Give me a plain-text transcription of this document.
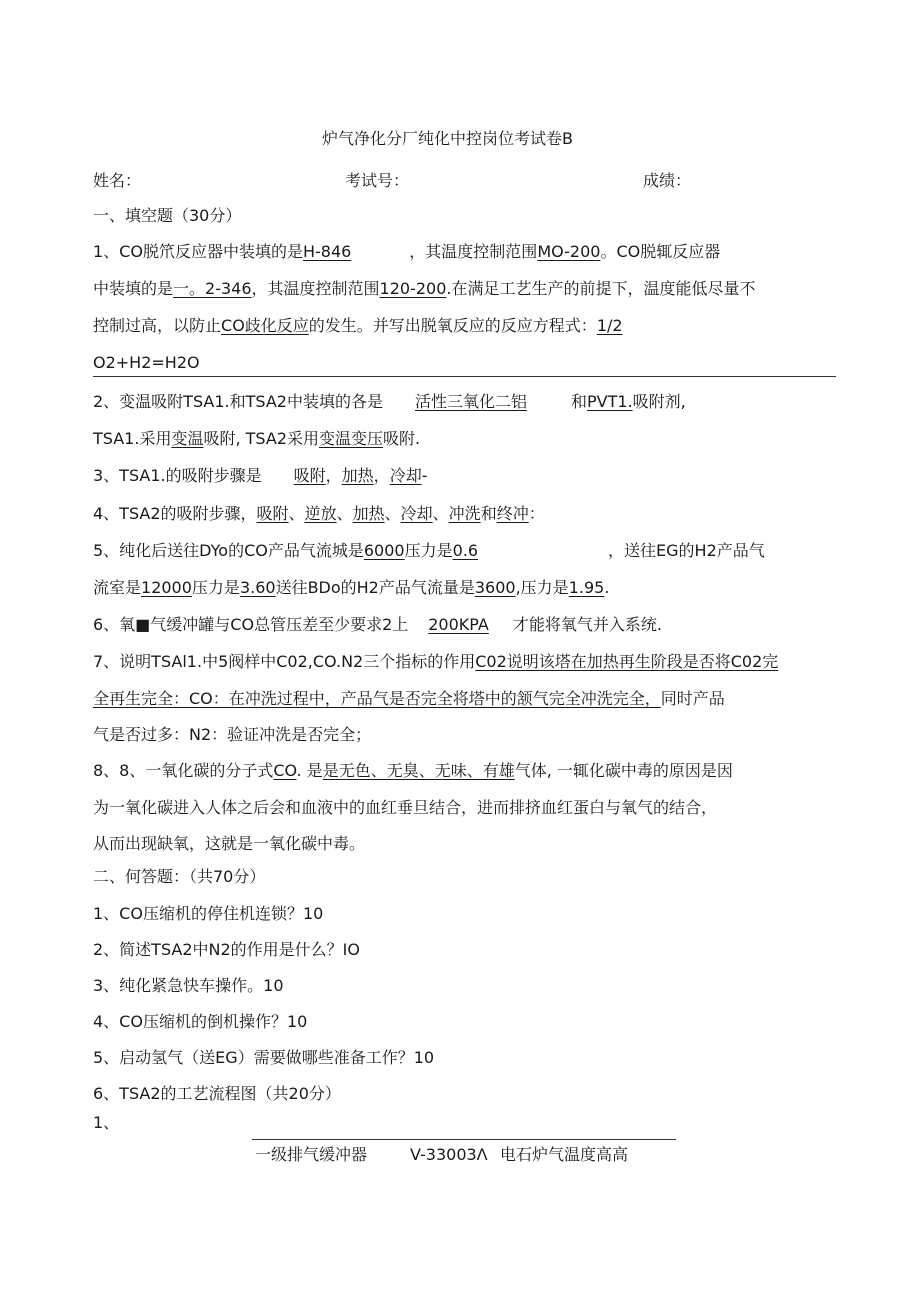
炉气净化分厂纯化中控岗位考试卷B
姓名：	考试号：	成绩：
一、填空题（30分）
1、CO脱笊反应器中装填的是H-846	，其温度控制范围MO-200。CO脱辄反应器
中装填的是一。2-346，其温度控制范围120-200.在满足工艺生产的前提下，温度能低尽量不
控制过高，以防止CO歧化反应的发生。并写出脱氧反应的反应方程式：1/2
O2+H2=H2O
2、变温吸附TSA1.和TSA2中装填的各是 活性三氧化二铝	和PVT1.吸附剂,
TSA1.采用变温吸附, TSA2采用变温变压吸附.
3、TSA1.的吸附步骤是 吸附，加热，冷却-
4、TSA2的吸附步骤，吸附、逆放、加热、冷却、冲洗和终冲：
5、纯化后送往DYo的CO产品气流城是6000压力是0.6	，送往EG的H2产品气
流室是12000压力是3.60送往BDo的H2产品气流量是3600,压力是1.95.
6、氧■气缓冲罐与CO总管压差至少要求2上 200KPA 才能将氧气并入系统.
7、说明TSAl1.中5阀样中C02,CO.N2三个指标的作用C02说明该塔在加热再生阶段是否将C02完
全再生完全：CO：在冲洗过程中，产品气是否完全将塔中的颔气完全冲洗完全，同时产品
气是否过多：N2：验证冲洗是否完全；
8、8、一氧化碳的分子式CO. 是是无色、无臭、无味、有雄气体, 一辄化碳中毒的原因是因
为一氧化碳进入人体之后会和血液中的血红垂旦结合，进而排挤血红蛋白与氧气的结合，
从而出现缺氧，这就是一氧化碳中毒。
二、何答题：（共70分）
1、CO压缩机的停住机连锁？10
2、简述TSA2中N2的作用是什么？IO
3、纯化紧急快车操作。10
4、CO压缩机的倒机操作？10
5、启动氢气（送EG）需要做哪些准备工作？10
6、TSA2的工艺流程图（共20分）
1、
一级排气缓冲器	V-33003Λ 电石炉气温度高高
